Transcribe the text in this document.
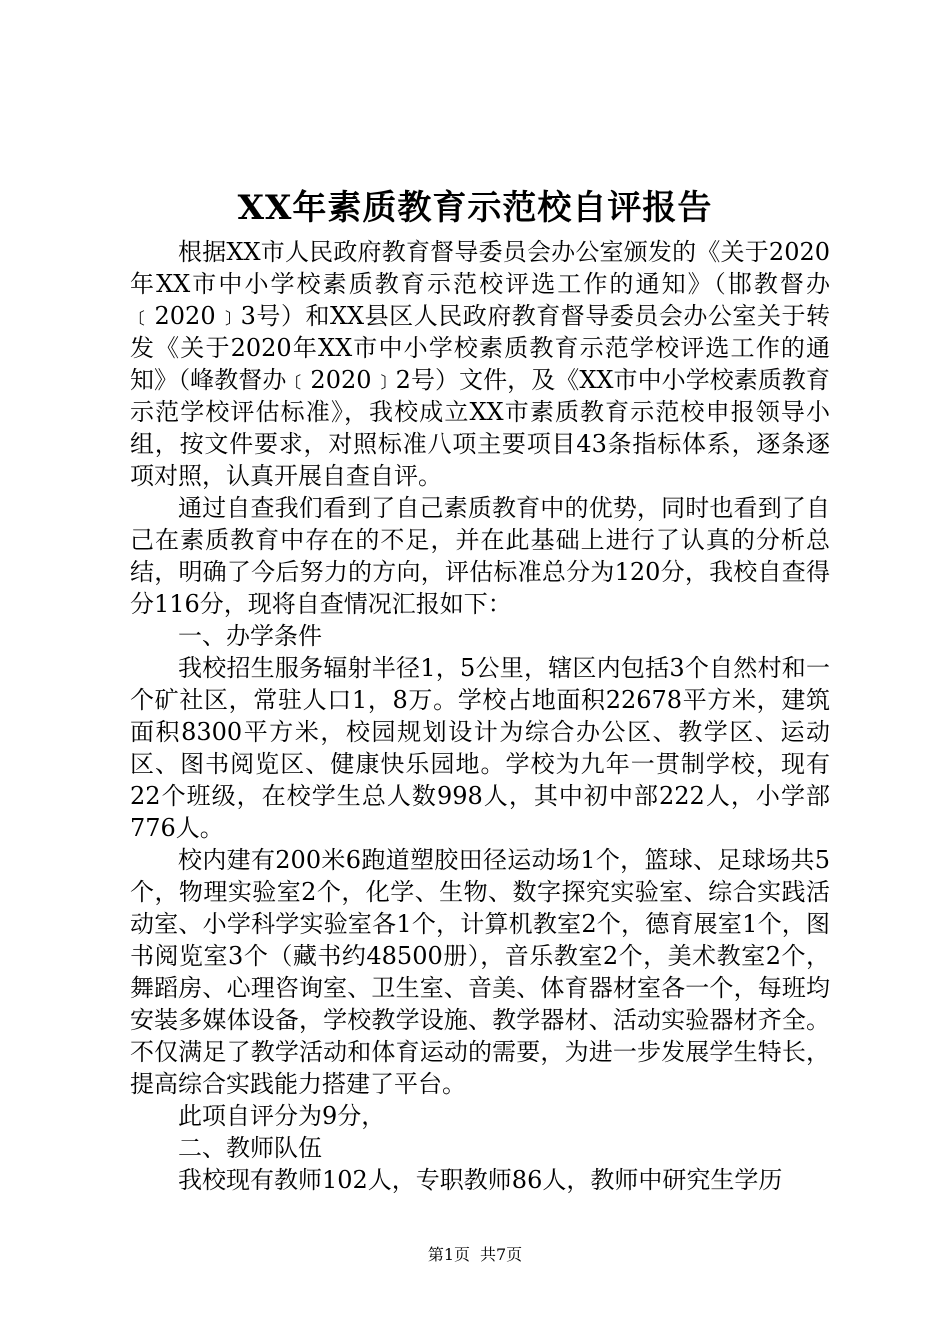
XX年素质教育示范校自评报告

根据XX市人民政府教育督导委员会办公室颁发的《关于2020年XX市中小学校素质教育示范校评选工作的通知》（邯教督办﹝2020﹞3号）和XX县区人民政府教育督导委员会办公室关于转发《关于2020年XX市中小学校素质教育示范学校评选工作的通知》（峰教督办﹝2020﹞2号）文件，及《XX市中小学校素质教育示范学校评估标准》，我校成立XX市素质教育示范校申报领导小组，按文件要求，对照标准八项主要项目43条指标体系，逐条逐项对照，认真开展自查自评。

通过自查我们看到了自己素质教育中的优势，同时也看到了自己在素质教育中存在的不足，并在此基础上进行了认真的分析总结，明确了今后努力的方向，评估标准总分为120分，我校自查得分116分，现将自查情况汇报如下：

一、办学条件

我校招生服务辐射半径1，5公里，辖区内包括3个自然村和一个矿社区，常驻人口1，8万。学校占地面积22678平方米，建筑面积8300平方米，校园规划设计为综合办公区、教学区、运动区、图书阅览区、健康快乐园地。学校为九年一贯制学校，现有22个班级，在校学生总人数998人，其中初中部222人，小学部776人。

校内建有200米6跑道塑胶田径运动场1个，篮球、足球场共5个，物理实验室2个，化学、生物、数字探究实验室、综合实践活动室、小学科学实验室各1个，计算机教室2个，德育展室1个，图书阅览室3个（藏书约48500册），音乐教室2个，美术教室2个，舞蹈房、心理咨询室、卫生室、音美、体育器材室各一个，每班均安装多媒体设备，学校教学设施、教学器材、活动实验器材齐全。不仅满足了教学活动和体育运动的需要，为进一步发展学生特长，提高综合实践能力搭建了平台。

此项自评分为9分，

二、教师队伍

我校现有教师102人，专职教师86人，教师中研究生学历

第1页 共7页
